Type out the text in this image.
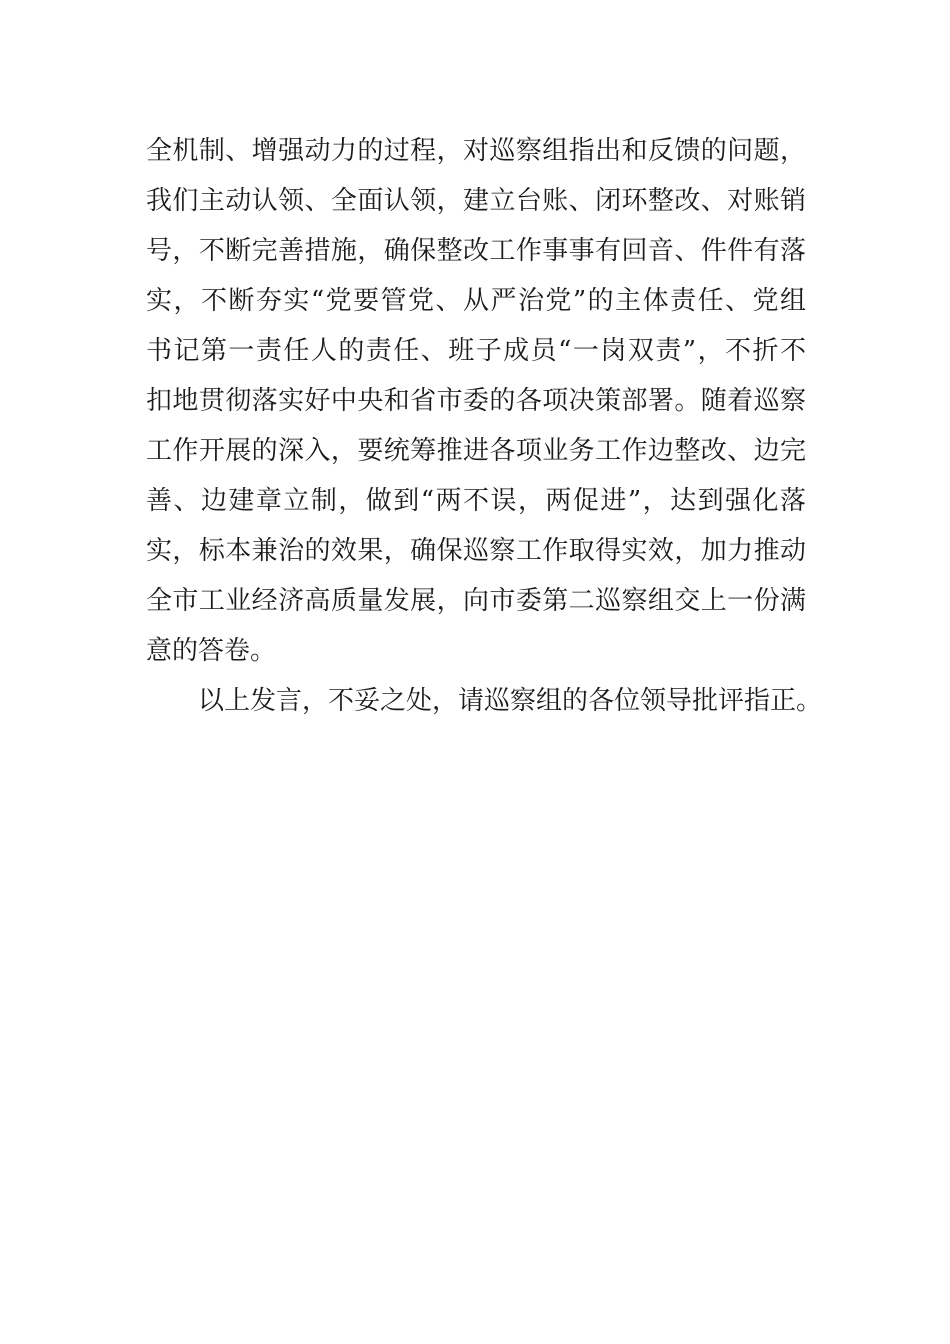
全机制、增强动力的过程，对巡察组指出和反馈的问题，
我们主动认领、全面认领，建立台账、闭环整改、对账销
号，不断完善措施，确保整改工作事事有回音、件件有落
实，不断夯实“党要管党、从严治党”的主体责任、党组
书记第一责任人的责任、班子成员“一岗双责”，不折不
扣地贯彻落实好中央和省市委的各项决策部署。随着巡察
工作开展的深入，要统筹推进各项业务工作边整改、边完
善、边建章立制，做到“两不误，两促进”，达到强化落
实，标本兼治的效果，确保巡察工作取得实效，加力推动
全市工业经济高质量发展，向市委第二巡察组交上一份满
意的答卷。
以上发言，不妥之处，请巡察组的各位领导批评指正。
